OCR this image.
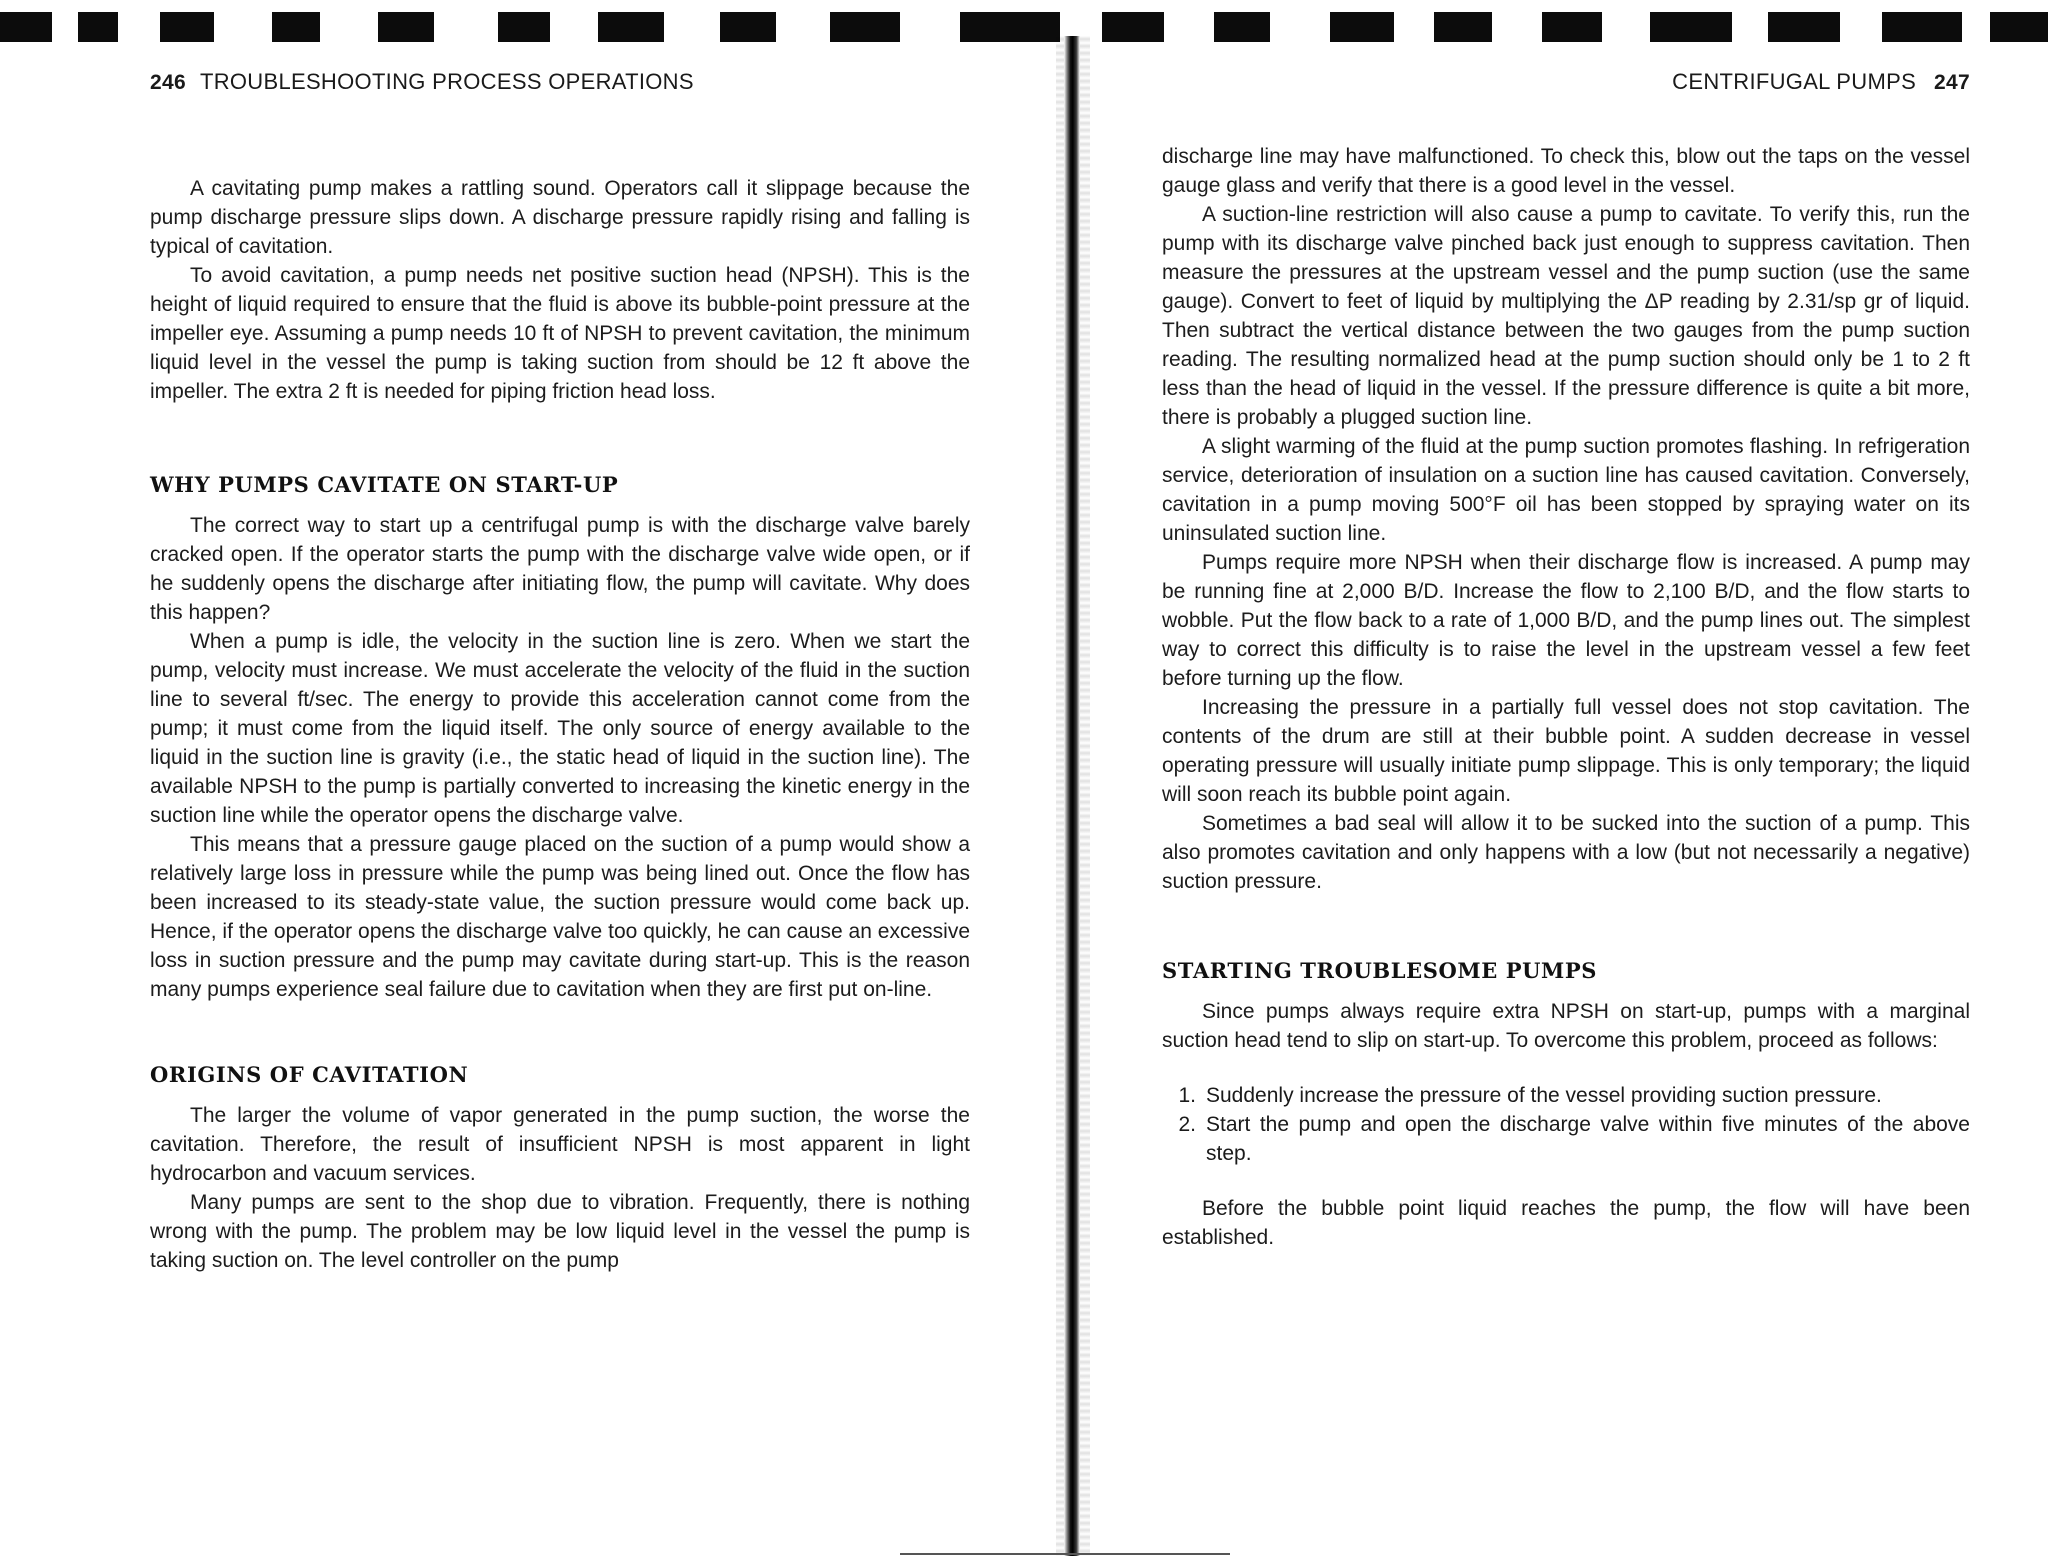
246 TROUBLESHOOTING PROCESS OPERATIONS

A cavitating pump makes a rattling sound. Operators call it slippage because the pump discharge pressure slips down. A discharge pressure rapidly rising and falling is typical of cavitation.

To avoid cavitation, a pump needs net positive suction head (NPSH). This is the height of liquid required to ensure that the fluid is above its bubble-point pressure at the impeller eye. Assuming a pump needs 10 ft of NPSH to prevent cavitation, the minimum liquid level in the vessel the pump is taking suction from should be 12 ft above the impeller. The extra 2 ft is needed for piping friction head loss.

WHY PUMPS CAVITATE ON START-UP

The correct way to start up a centrifugal pump is with the discharge valve barely cracked open. If the operator starts the pump with the discharge valve wide open, or if he suddenly opens the discharge after initiating flow, the pump will cavitate. Why does this happen?

When a pump is idle, the velocity in the suction line is zero. When we start the pump, velocity must increase. We must accelerate the velocity of the fluid in the suction line to several ft/sec. The energy to provide this acceleration cannot come from the pump; it must come from the liquid itself. The only source of energy available to the liquid in the suction line is gravity (i.e., the static head of liquid in the suction line). The available NPSH to the pump is partially converted to increasing the kinetic energy in the suction line while the operator opens the discharge valve.

This means that a pressure gauge placed on the suction of a pump would show a relatively large loss in pressure while the pump was being lined out. Once the flow has been increased to its steady-state value, the suction pressure would come back up. Hence, if the operator opens the discharge valve too quickly, he can cause an excessive loss in suction pressure and the pump may cavitate during start-up. This is the reason many pumps experience seal failure due to cavitation when they are first put on-line.

ORIGINS OF CAVITATION

The larger the volume of vapor generated in the pump suction, the worse the cavitation. Therefore, the result of insufficient NPSH is most apparent in light hydrocarbon and vacuum services.

Many pumps are sent to the shop due to vibration. Frequently, there is nothing wrong with the pump. The problem may be low liquid level in the vessel the pump is taking suction on. The level controller on the pump

CENTRIFUGAL PUMPS 247

discharge line may have malfunctioned. To check this, blow out the taps on the vessel gauge glass and verify that there is a good level in the vessel.

A suction-line restriction will also cause a pump to cavitate. To verify this, run the pump with its discharge valve pinched back just enough to suppress cavitation. Then measure the pressures at the upstream vessel and the pump suction (use the same gauge). Convert to feet of liquid by multiplying the ΔP reading by 2.31/sp gr of liquid. Then subtract the vertical distance between the two gauges from the pump suction reading. The resulting normalized head at the pump suction should only be 1 to 2 ft less than the head of liquid in the vessel. If the pressure difference is quite a bit more, there is probably a plugged suction line.

A slight warming of the fluid at the pump suction promotes flashing. In refrigeration service, deterioration of insulation on a suction line has caused cavitation. Conversely, cavitation in a pump moving 500°F oil has been stopped by spraying water on its uninsulated suction line.

Pumps require more NPSH when their discharge flow is increased. A pump may be running fine at 2,000 B/D. Increase the flow to 2,100 B/D, and the flow starts to wobble. Put the flow back to a rate of 1,000 B/D, and the pump lines out. The simplest way to correct this difficulty is to raise the level in the upstream vessel a few feet before turning up the flow.

Increasing the pressure in a partially full vessel does not stop cavitation. The contents of the drum are still at their bubble point. A sudden decrease in vessel operating pressure will usually initiate pump slippage. This is only temporary; the liquid will soon reach its bubble point again.

Sometimes a bad seal will allow it to be sucked into the suction of a pump. This also promotes cavitation and only happens with a low (but not necessarily a negative) suction pressure.

STARTING TROUBLESOME PUMPS

Since pumps always require extra NPSH on start-up, pumps with a marginal suction head tend to slip on start-up. To overcome this problem, proceed as follows:

1. Suddenly increase the pressure of the vessel providing suction pressure.
2. Start the pump and open the discharge valve within five minutes of the above step.

Before the bubble point liquid reaches the pump, the flow will have been established.
